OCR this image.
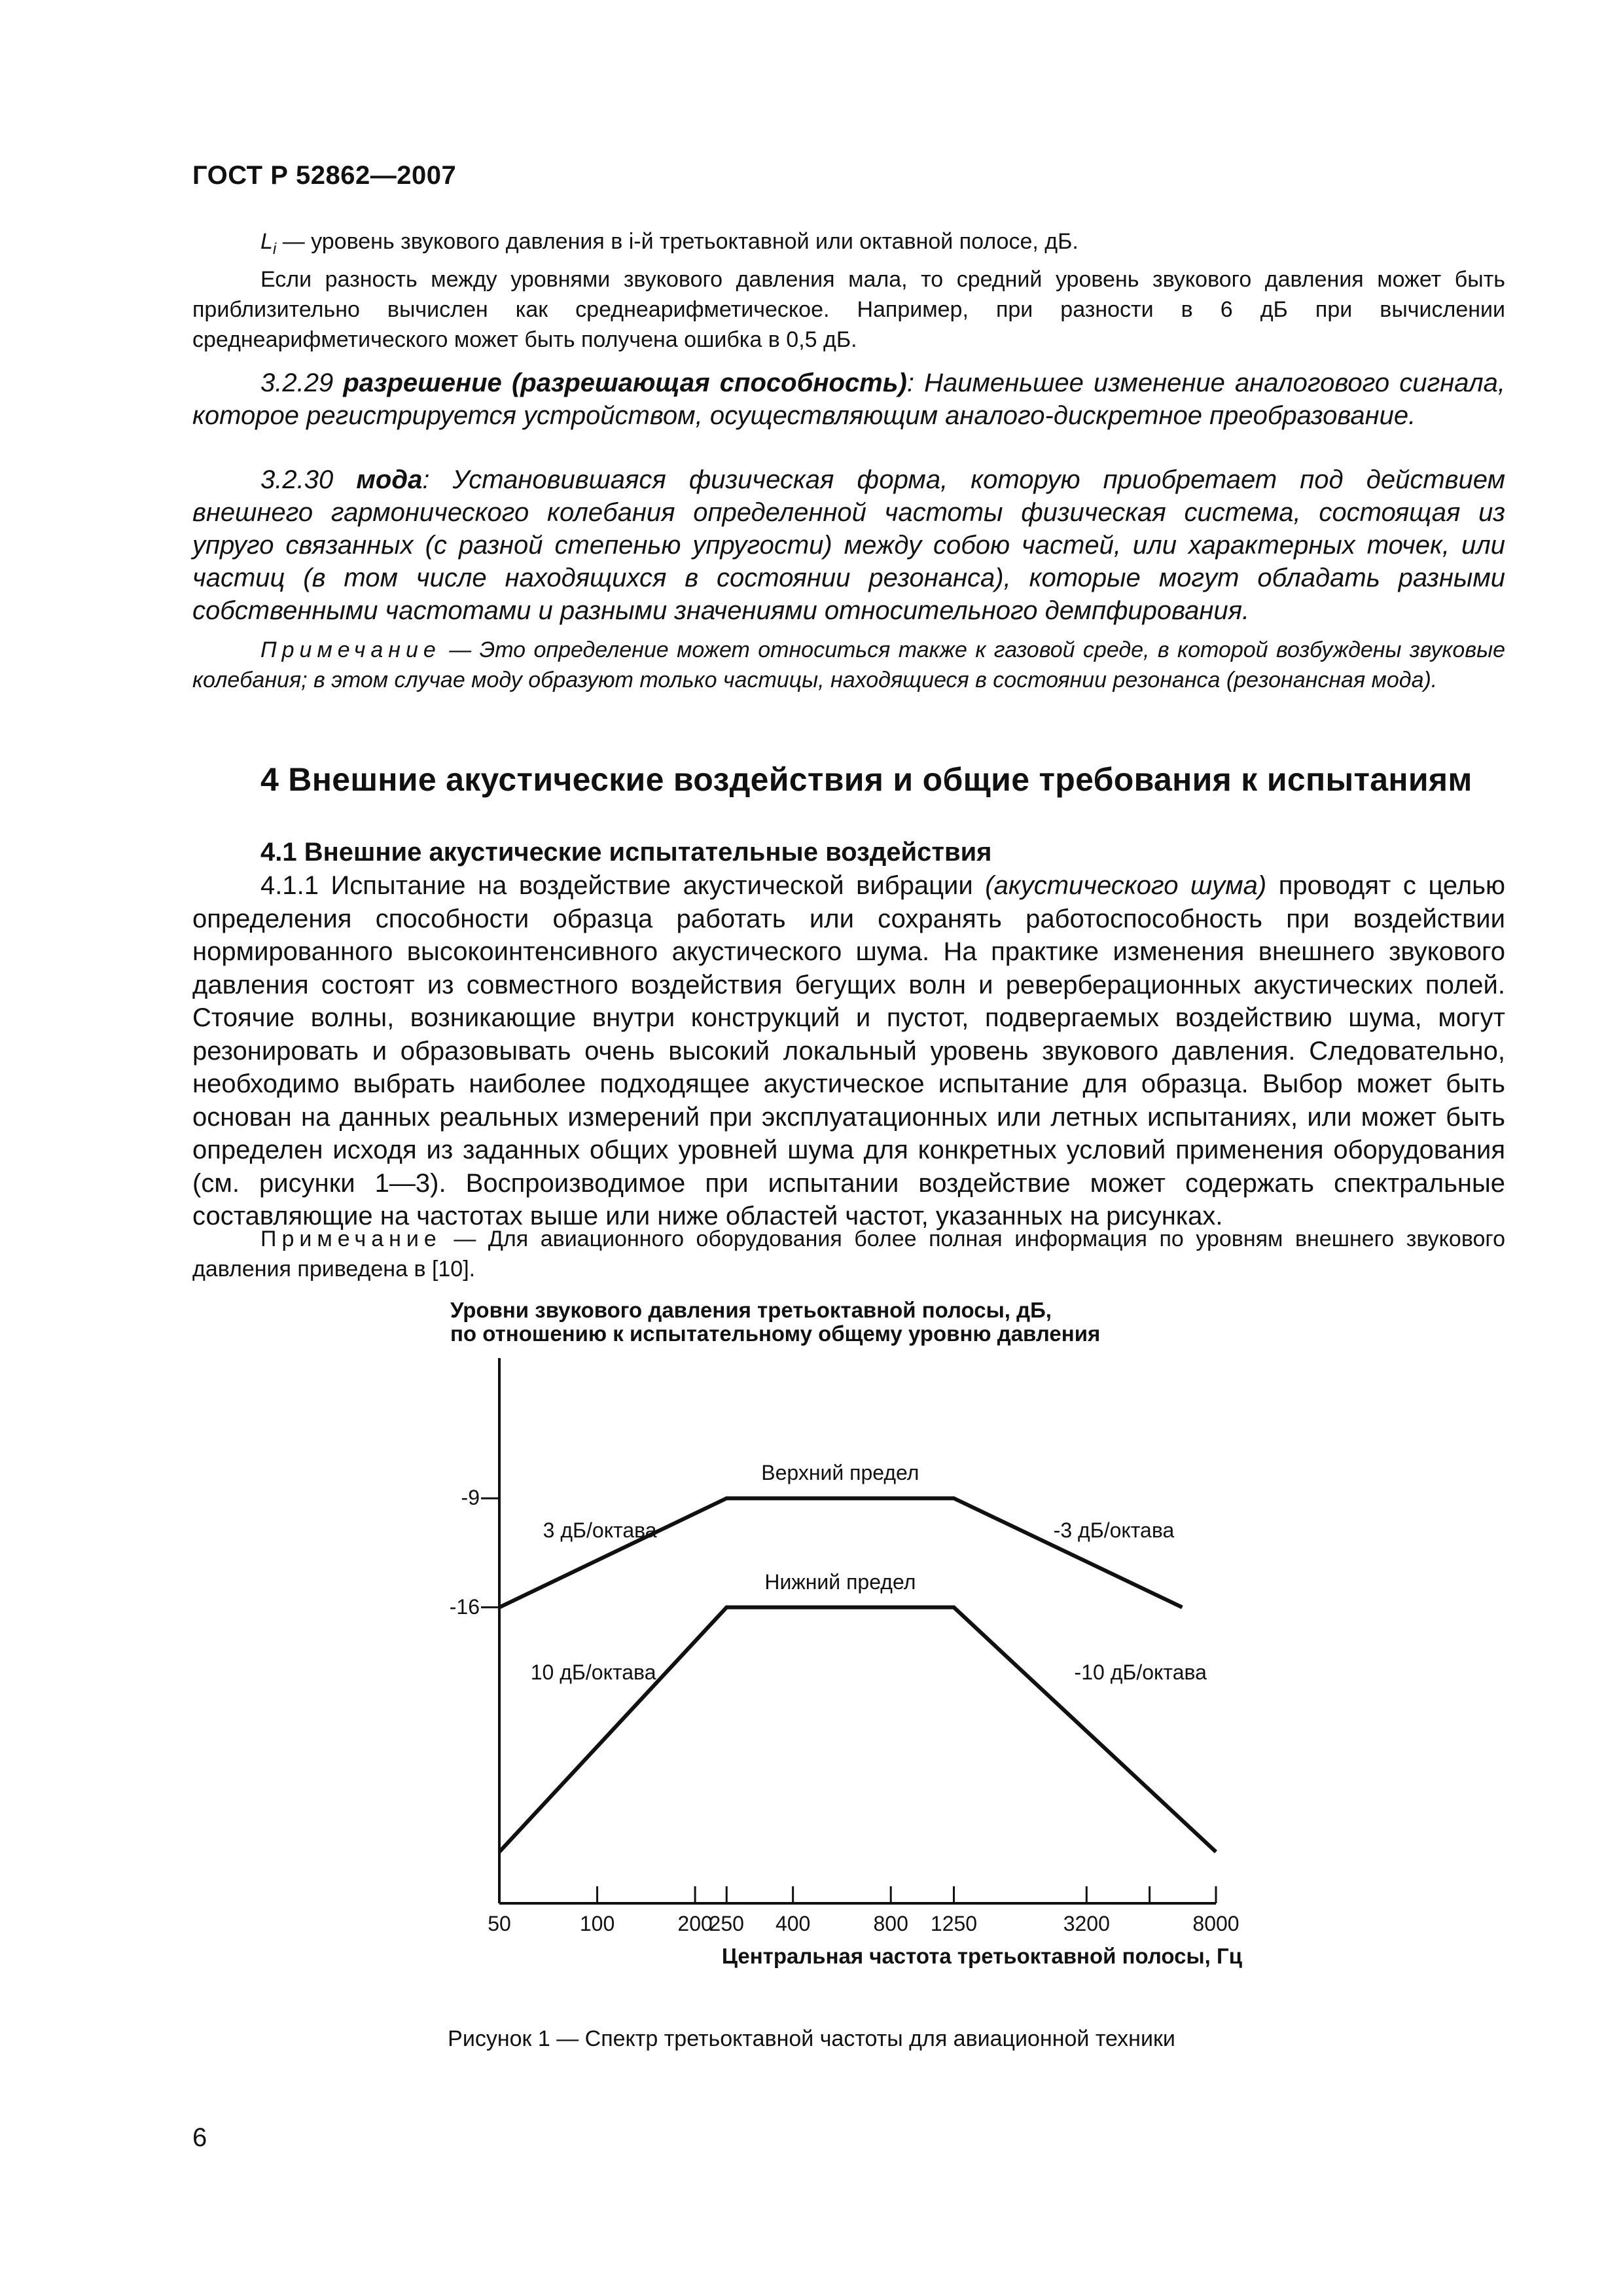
ГОСТ Р 52862—2007

$L_i$ — уровень звукового давления в i-й третьоктавной или октавной полосе, дБ.

Если разность между уровнями звукового давления мала, то средний уровень звукового давления может быть приблизительно вычислен как среднеарифметическое. Например, при разности в 6 дБ при вычислении среднеарифметического может быть получена ошибка в 0,5 дБ.

3.2.29 разрешение (разрешающая способность): Наименьшее изменение аналогового сигнала, которое регистрируется устройством, осуществляющим аналого-дискретное преобразование.

3.2.30 мода: Установившаяся физическая форма, которую приобретает под действием внешнего гармонического колебания определенной частоты физическая система, состоящая из упруго связанных (с разной степенью упругости) между собою частей, или характерных точек, или частиц (в том числе находящихся в состоянии резонанса), которые могут обладать разными собственными частотами и разными значениями относительного демпфирования.

Примечание — Это определение может относиться также к газовой среде, в которой возбуждены звуковые колебания; в этом случае моду образуют только частицы, находящиеся в состоянии резонанса (резонансная мода).

4 Внешние акустические воздействия и общие требования к испытаниям
4.1 Внешние акустические испытательные воздействия

4.1.1 Испытание на воздействие акустической вибрации (акустического шума) проводят с целью определения способности образца работать или сохранять работоспособность при воздействии нормированного высокоинтенсивного акустического шума. На практике изменения внешнего звукового давления состоят из совместного воздействия бегущих волн и реверберационных акустических полей. Стоячие волны, возникающие внутри конструкций и пустот, подвергаемых воздействию шума, могут резонировать и образовывать очень высокий локальный уровень звукового давления. Следовательно, необходимо выбрать наиболее подходящее акустическое испытание для образца. Выбор может быть основан на данных реальных измерений при эксплуатационных или летных испытаниях, или может быть определен исходя из заданных общих уровней шума для конкретных условий применения оборудования (см. рисунки 1—3). Воспроизводимое при испытании воздействие может содержать спектральные составляющие на частотах выше или ниже областей частот, указанных на рисунках.

Примечание — Для авиационного оборудования более полная информация по уровням внешнего звукового давления приведена в [10].

Уровни звукового давления третьоктавной полосы, дБ,
по отношению к испытательному общему уровню давления
50	100	200
250 400	800 1250	3200	8000
-9
-16
Верхний предел
Нижний предел
3 дБ/октава	-3 дБ/октава
10 дБ/октава	-10 дБ/октава
Центральная частота третьоктавной полосы, Гц
Рисунок 1 — Спектр третьоктавной частоты для авиационной техники
6
